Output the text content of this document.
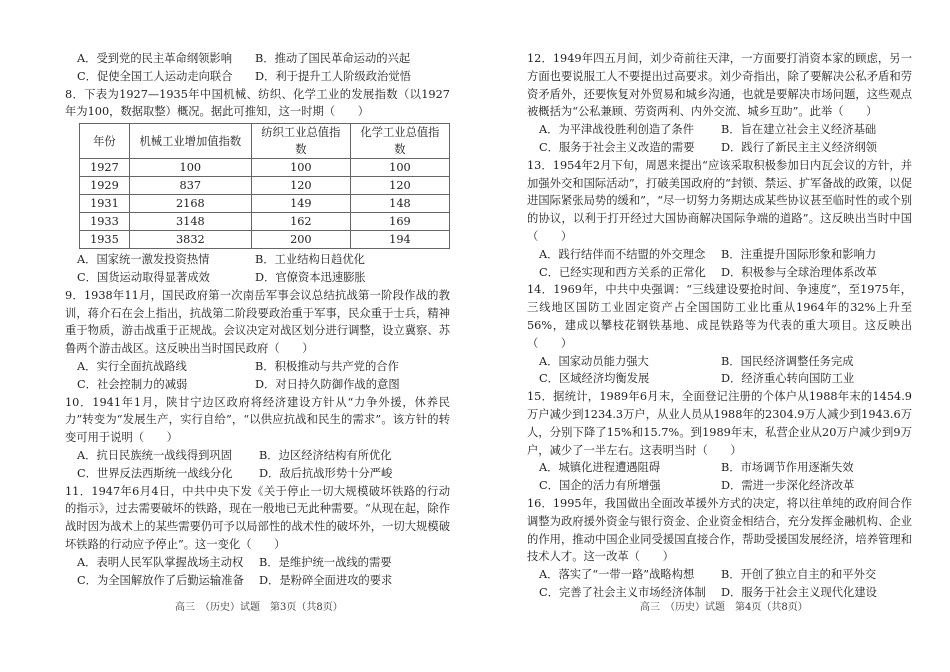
A．受到党的民主革命纲领影响	B．推动了国民革命运动的兴起
C．促使全国工人运动走向联合	D．利于提升工人阶级政治觉悟

8．下表为1927—1935年中国机械、纺织、化学工业的发展指数（以1927年为100，数据取整）概况。据此可推知，这一时期（　　）

年份	机械工业增加值指数	纺织工业总值指数	化学工业总值指数
1927	100	100	100
1929	837	120	120
1931	2168	149	148
1933	3148	162	169
1935	3832	200	194
A．国家统一激发投资热情	B．工业结构日趋优化
C．国货运动取得显著成效	D．官僚资本迅速膨胀

9．1938年11月，国民政府第一次南岳军事会议总结抗战第一阶段作战的教训，蒋介石在会上指出，抗战第二阶段要政治重于军事，民众重于士兵，精神重于物质，游击战重于正规战。会议决定对战区划分进行调整，设立冀察、苏鲁两个游击战区。这反映出当时国民政府（　　）

A．实行全面抗战路线	B．积极推动与共产党的合作
C．社会控制力的减弱	D．对日持久防御作战的意图

10．1941年1月，陕甘宁边区政府将经济建设方针从“力争外援，休养民力”转变为“发展生产，实行自给”，“以供应抗战和民生的需求”。该方针的转变可用于说明（　　）

A．抗日民族统一战线得到巩固	B．边区经济结构有所优化
C．世界反法西斯统一战线分化	D．敌后抗战形势十分严峻

11．1947年6月4日，中共中央下发《关于停止一切大规模破坏铁路的行动的指示》，过去需要破坏的铁路，现在一般地已无此种需要。“从现在起，除作战时因为战术上的某些需要仍可予以局部性的战术性的破坏外，一切大规模破坏铁路的行动应予停止”。这一变化（　　）

A．表明人民军队掌握战场主动权	B．是维护统一战线的需要
C．为全国解放作了后勤运输准备	D．是粉碎全面进攻的要求
高三　（历史）试题　第3页（共8页）

12．1949年四五月间，刘少奇前往天津，一方面要打消资本家的顾虑，另一方面也要说服工人不要提出过高要求。刘少奇指出，除了要解决公私矛盾和劳资矛盾外，还要恢复对外贸易和城乡沟通，也就是要解决市场问题，这些观点被概括为“公私兼顾、劳资两利、内外交流、城乡互助”。此举（　　）

A．为平津战役胜利创造了条件	B．旨在建立社会主义经济基础
C．服务于社会主义改造的需要	D．践行了新民主主义经济纲领

13．1954年2月下旬，周恩来提出“应该采取积极参加日内瓦会议的方针，并加强外交和国际活动”，打破美国政府的“封锁、禁运、扩军备战的政策，以促进国际紧张局势的缓和”，“尽一切努力务期达成某些协议甚至临时性的或个别的协议，以利于打开经过大国协商解决国际争端的道路”。这反映出当时中国（　　）

A．践行结伴而不结盟的外交理念	B．注重提升国际形象和影响力
C．已经实现和西方关系的正常化	D．积极参与全球治理体系改革

14．1969年，中共中央强调：“三线建设要抢时间、争速度”，至1975年，三线地区国防工业固定资产占全国国防工业比重从1964年的32%上升至56%，建成以攀枝花钢铁基地、成昆铁路等为代表的重大项目。这反映出（　　）

A．国家动员能力强大	B．国民经济调整任务完成
C．区域经济均衡发展	D．经济重心转向国防工业

15．据统计，1989年6月末，全面登记注册的个体户从1988年末的1454.9万户减少到1234.3万户，从业人员从1988年的2304.9万人减少到1943.6万人，分别下降了15%和15.7%。到1989年末，私营企业从20万户减少到9万户，减少了一半左右。这表明当时（　　）

A．城镇化进程遭遇阻碍	B．市场调节作用逐渐失效
C．国企的活力有所增强	D．需进一步深化经济改革

16．1995年，我国做出全面改革援外方式的决定，将以往单纯的政府间合作调整为政府援外资金与银行资金、企业资金相结合，充分发挥金融机构、企业的作用，推动中国企业同受援国直接合作，帮助受援国发展经济，培养管理和技术人才。这一改革（　　）

A．落实了“一带一路”战略构想	B．开创了独立自主的和平外交
C．完善了社会主义市场经济体制	D．服务于社会主义现代化建设
高三　（历史）试题　第4页（共8页）
